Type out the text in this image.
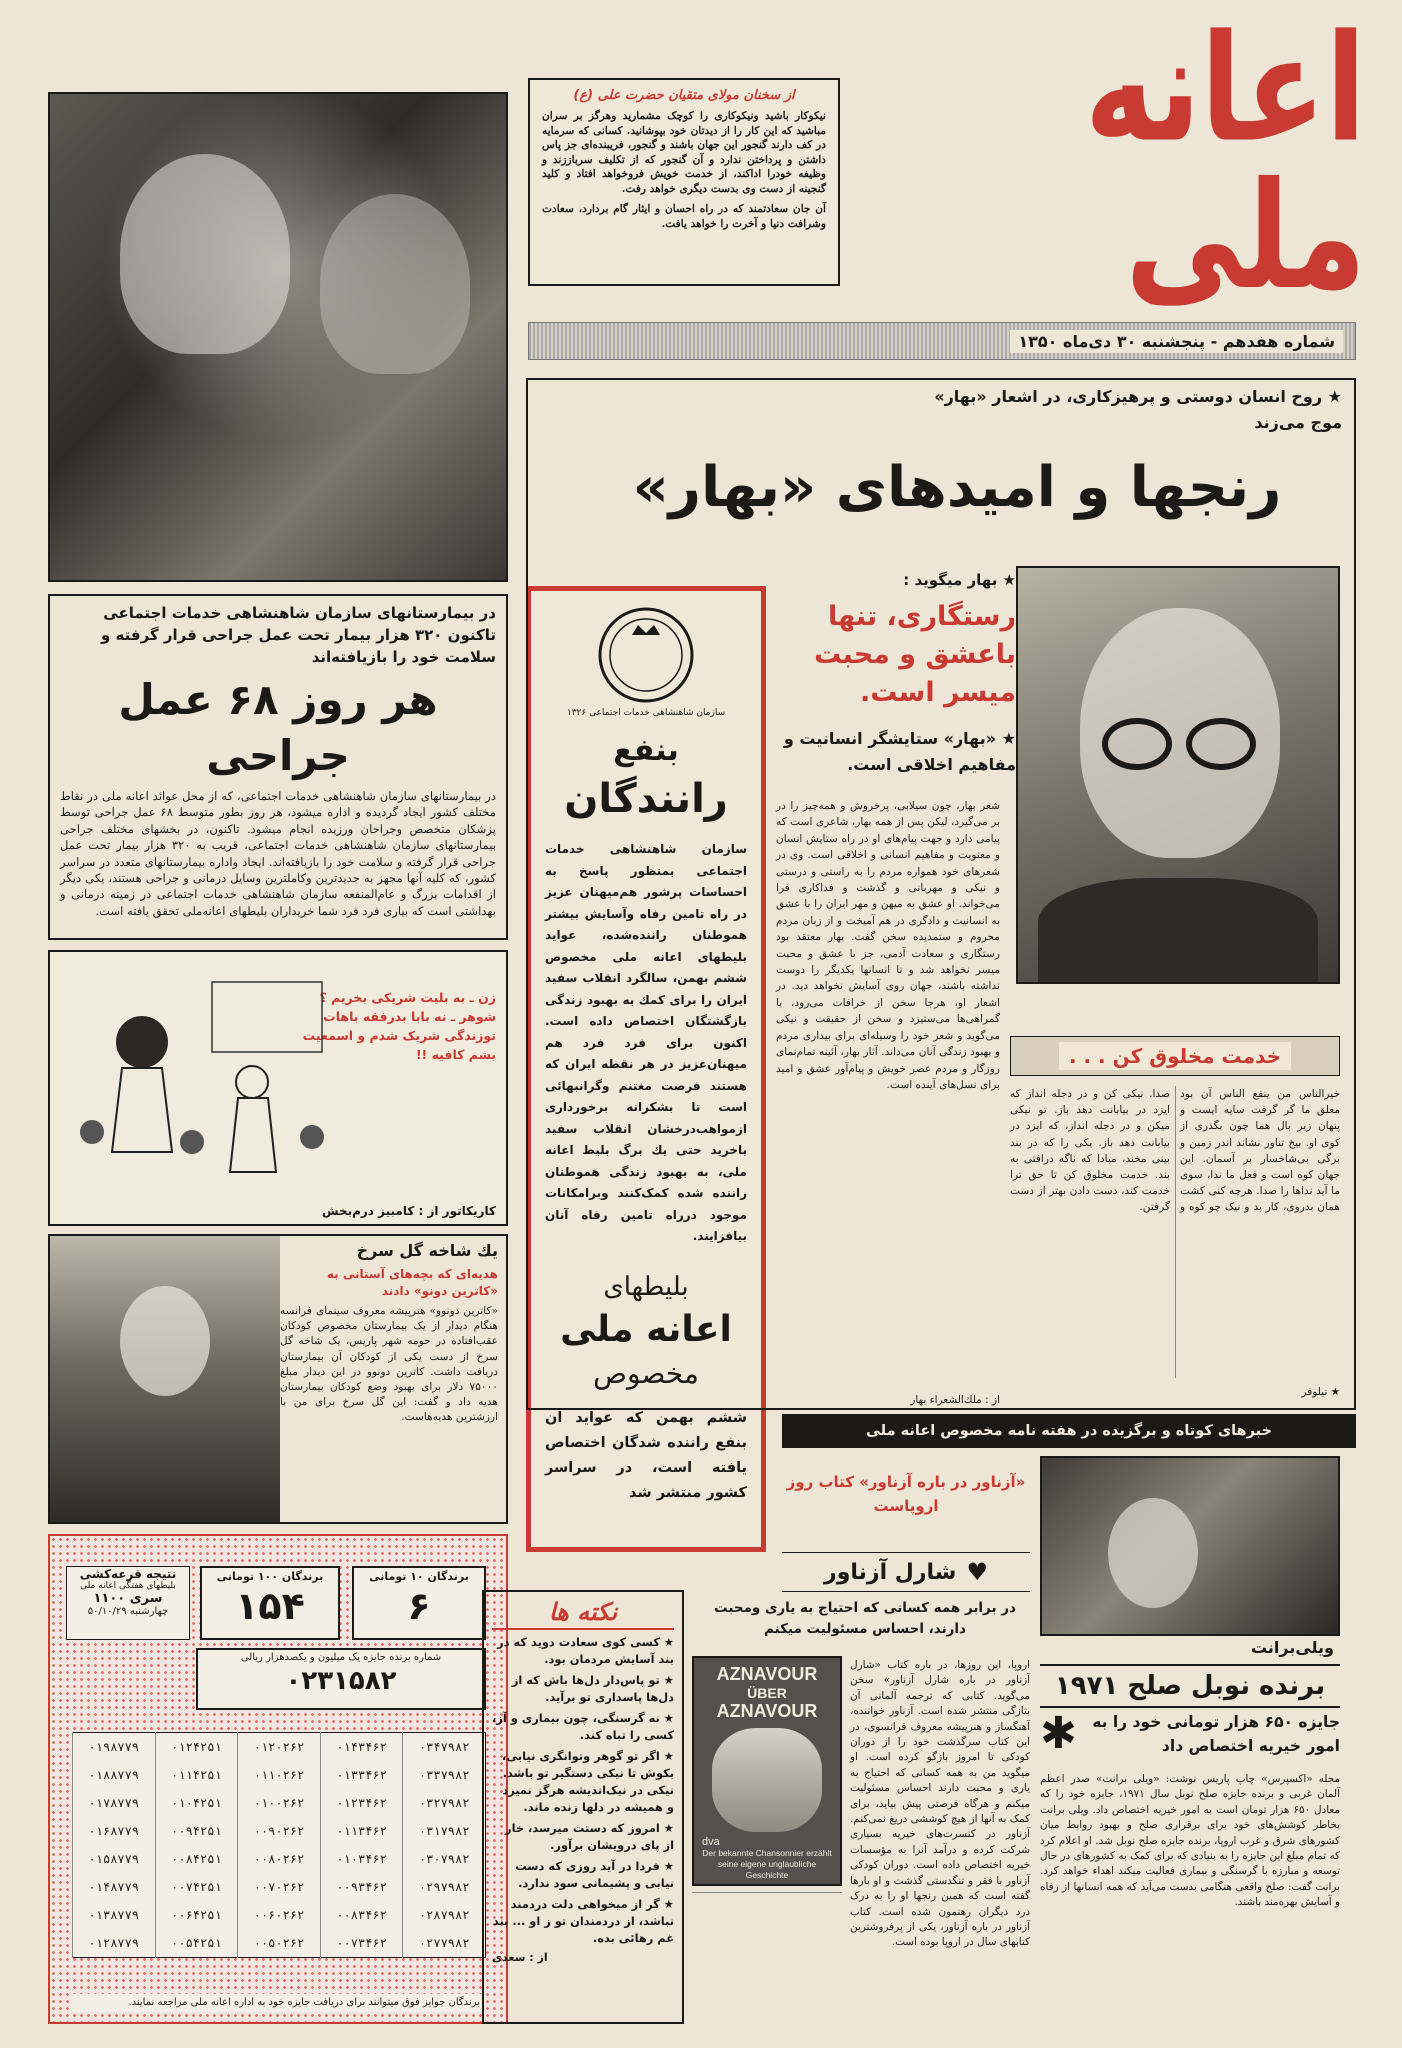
اعانه ملی
از سخنان مولای متقیان حضرت علی (ع)
نیکوکار باشید ونیکوکاری را کوچک مشمارید وهرگز بر سران مباشید که این کار را از دیدتان خود بپوشانید. کسانی که سرمایه در کف دارند گنجور این جهان باشند و گنجور، فریبنده‌ای جز پاس داشتن و پرداختن ندارد و آن گنجور که از تکلیف سرباززند و وظیفه خودرا اداکند، از خدمت خویش فروخواهد افتاد و کلید گنجینه از دست وی بدست دیگری خواهد رفت.
آن جان سعادتمند که در راه احسان و ایثار گام بردارد، سعادت وشرافت دنیا و آخرت را خواهد یافت.
شماره هفدهم - پنجشنبه ۳۰ دی‌ماه ۱۳۵۰
در بیمارستانهای سازمان شاهنشاهی خدمات اجتماعی تاکنون ۳۲۰ هزار بیمار تحت عمل جراحی قرار گرفته و سلامت خود را بازیافته‌اند
هر روز ۶۸ عمل جراحی
در بیمارستانهای سازمان شاهنشاهی خدمات اجتماعی، که از محل عوائد اعانه ملی در نقاط مختلف کشور ایجاد گردیده و اداره میشود، هر روز بطور متوسط ۶۸ عمل جراحی توسط پزشکان متخصص وجراحان ورزیده انجام میشود. تاکنون، در بخشهای مختلف جراحی بیمارستانهای سازمان شاهنشاهی خدمات اجتماعی، قریب به ۳۲۰ هزار بیمار تحت عمل جراحی قرار گرفته و سلامت خود را بازیافته‌اند. ایجاد واداره بیمارستانهای متعدد در سراسر کشور، که کلیه آنها مجهز به جدیدترین وکاملترین وسایل درمانی و جراحی هستند، یکی دیگر از اقدامات بزرگ و عام‌المنفعه سازمان شاهنشاهی خدمات اجتماعی در زمینه درمانی و بهداشتی است که بیاری فرد فرد شما خریداران بلیطهای اعانه‌ملی تحقق یافته است.
زن ـ به بلیت شریکی بخریم ؟ شوهر ـ نه بابا بدرفقه باهات توزندگی شریک شدم و اسمعیت بشم کافیه !!
کاریکاتور از : کامبیز درم‌بخش
یك شاخه گل سرخ
هدیه‌ای که بچه‌های آستانی به «کاترین دونو» دادند
«کاترین دونوو» هنرپیشه معروف سینمای فرانسه هنگام دیدار از یک بیمارستان مخصوص کودکان عقب‌افتاده در حومه شهر پاریس، یک شاخه گل سرخ از دست یکی از کودکان آن بیمارستان دریافت داشت. کاترین دونوو در این دیدار مبلغ ۷۵۰۰۰ دلار برای بهبود وضع کودکان بیمارستان هدیه داد و گفت: این گل سرخ برای من با ارزشترین هدیه‌هاست.
برندگان ۱۰۰ تومانی
۱۵۴
برندگان ۱۰ تومانی
۶
نتیجه قرعه‌کشی
بلیطهای هفتگی اعانه ملی
سری ۱۱۰۰
چهارشنبه ۵۰/۱۰/۲۹
شماره برنده جایزه یک میلیون و یکصدهزار ریالی
۰۲۳۱۵۸۲
۰۳۴۷۹۸۲	۰۱۴۳۴۶۲	۰۱۲۰۲۶۲	۰۱۲۴۲۵۱	۰۱۹۸۷۷۹
۰۳۳۷۹۸۲	۰۱۳۳۴۶۲	۰۱۱۰۲۶۲	۰۱۱۴۲۵۱	۰۱۸۸۷۷۹
۰۳۲۷۹۸۲	۰۱۲۳۴۶۲	۰۱۰۰۲۶۲	۰۱۰۴۲۵۱	۰۱۷۸۷۷۹
۰۳۱۷۹۸۲	۰۱۱۳۴۶۲	۰۰۹۰۲۶۲	۰۰۹۴۲۵۱	۰۱۶۸۷۷۹
۰۳۰۷۹۸۲	۰۱۰۳۴۶۲	۰۰۸۰۲۶۲	۰۰۸۴۲۵۱	۰۱۵۸۷۷۹
۰۲۹۷۹۸۲	۰۰۹۳۴۶۲	۰۰۷۰۲۶۲	۰۰۷۴۲۵۱	۰۱۴۸۷۷۹
۰۲۸۷۹۸۲	۰۰۸۳۴۶۲	۰۰۶۰۲۶۲	۰۰۶۴۲۵۱	۰۱۳۸۷۷۹
۰۲۷۷۹۸۲	۰۰۷۳۴۶۲	۰۰۵۰۲۶۲	۰۰۵۴۲۵۱	۰۱۲۸۷۷۹
برندگان جوایز فوق میتوانند برای دریافت جایزه خود به اداره اعانه ملی مراجعه نمایند.
سازمان شاهنشاهی خدمات اجتماعی ۱۳۲۶
بنفع
رانندگان
سازمان شاهنشاهی خدمات اجتماعی بمنظور پاسخ به احساسات پرشور هم‌میهنان عزیز در راه تامین رفاه وآسایش بیشتر هموطنان راننده‌شده، عواید بلیطهای اعانه ملی مخصوص ششم بهمن، سالگرد انقلاب سفید ایران را برای کمك به بهبود زندگی بازگشتگان اختصاص داده است. اکنون برای فرد فرد هم میهنان‌عزیز در هر نقطه ایران که هستند فرصت مغتنم وگرانبهائی است تا بشکرانه برخورداری ازمواهب‌درخشان انقلاب سفید باخرید حتی یك برگ بلیط اعانه ملی، به بهبود زندگی هموطنان راننده شده کمک‌کنند وبرامکانات موجود درراه تامین رفاه آنان بیافزایند.
بلیطهای
اعانه ملی
مخصوص
ششم بهمن که عواید آن بنفع راننده شدگان اختصاص یافته است، در سراسر کشور منتشر شد
★ روح انسان دوستی و پرهیزکاری، در اشعار «بهار» موج می‌زند
رنجها و امیدهای «بهار»
★ بهار میگوید :
رستگاری، تنها باعشق و محبت میسر است.
★ «بهار» ستایشگر انسانیت و مفاهیم اخلاقی است.
شعر بهار، چون سیلابی، پرخروش و همه‌چیز را در بر می‌گیرد، لیکن پس از همه بهار، شاعری است که پیامی دارد و جهت پیام‌های او در راه ستایش انسان و معنویت و مفاهیم انسانی و اخلاقی است. وی در شعرهای خود همواره مردم را به راستی و درستی و نیکی و مهربانی و گذشت و فداکاری فرا می‌خواند. او عشق به میهن و مهر ایران را با عشق به انسانیت و دادگری در هم آمیخت و از زبان مردم محروم و ستمدیده سخن گفت. بهار معتقد بود رستگاری و سعادت آدمی، جز با عشق و محبت میسر نخواهد شد و تا انسانها یکدیگر را دوست نداشته باشند، جهان روی آسایش نخواهد دید. در اشعار او، هرجا سخن از خرافات می‌رود، با گمراهی‌ها می‌ستیزد و سخن از حقیقت و نیکی می‌گوید و شعر خود را وسیله‌ای برای بیداری مردم و بهبود زندگی آنان می‌داند. آثار بهار، آئینه تمام‌نمای روزگار و مردم عصر خویش و پیام‌آور عشق و امید برای نسل‌های آینده است.
از : ملك‌الشعراء بهار
خدمت مخلوق کن . . .
خیرالناس من ینفع الناس آن بود معلق ما گر گرفت سایه ایست و پنهان زیر بال هما چون بگذری از کوی او. بیخ تناور نشاند اندر زمین و برگی بی‌شاخسار بر آسمان. این جهان کوه است و فعل ما ندا، سوی ما آید نداها را صدا. هرچه کنی کشت همان بدروی، کار بد و نیک چو کوه و صدا. نیکی کن و در دجله انداز که ایزد در بیابانت دهد باز. تو نیکی میکن و در دجله انداز، که ایزد در بیابانت دهد باز. یکی را که در بند بینی مخند، مبادا که ناگه درافتی به بند. خدمت مخلوق کن تا حق ترا خدمت کند، دست دادن بهتر از دست گرفتن.
★ نیلوفر
خبرهای کوتاه و برگزیده در هفته نامه مخصوص اعانه ملی
ویلی‌برانت
«آزناور در باره آزناور» کتاب روز اروپاست
♥
شارل آزناور
در برابر همه کسانی که احتیاج به یاری ومحبت دارند، احساس مسئولیت میکنم
AZNAVOUR
ÜBER
AZNAVOUR
dva
Der bekannte Chansonnier erzählt seine eigene unglaubliche Geschichte
اروپا، این روزها، در باره کتاب «شارل آزناور در باره شارل آزناور» سخن می‌گوید. کتابی که ترجمه آلمانی آن بتازگی منتشر شده است. آزناور خواننده، آهنگساز و هنرپیشه معروف فرانسوی، در این کتاب سرگذشت خود را از دوران کودکی تا امروز بازگو کرده است. او میگوید من به همه کسانی که احتیاج به یاری و محبت دارند احساس مسئولیت میکنم و هرگاه فرصتی پیش بیاید، برای کمک به آنها از هیچ کوششی دریغ نمی‌کنم. آزناور در کنسرت‌های خیریه بسیاری شرکت کرده و درآمد آنرا به مؤسسات خیریه اختصاص داده است. دوران کودکی آزناور با فقر و تنگدستی گذشت و او بارها گفته است که همین رنجها او را به درک درد دیگران رهنمون شده است. کتاب آزناور در باره آزناور، یکی از پرفروشترین کتابهای سال در اروپا بوده است.
برنده نوبل صلح ۱۹۷۱
جایزه ۶۵۰ هزار تومانی خود را به امور خیریه اختصاص داد
✱
مجله «اکسپرس» چاپ پاریس نوشت: «ویلی برانت» صدر اعظم آلمان غربی و برنده جایزه صلح نوبل سال ۱۹۷۱، جایزه خود را که معادل ۶۵۰ هزار تومان است به امور خیریه اختصاص داد. ویلی برانت بخاطر کوشش‌های خود برای برقراری صلح و بهبود روابط میان کشورهای شرق و غرب اروپا، برنده جایزه صلح نوبل شد. او اعلام کرد که تمام مبلغ این جایزه را به بنیادی که برای کمک به کشورهای در حال توسعه و مبارزه با گرسنگی و بیماری فعالیت میکند اهداء خواهد کرد. برانت گفت: صلح واقعی هنگامی بدست می‌آید که همه انسانها از رفاه و آسایش بهره‌مند باشند.
نکته ها
★ کسی کوی سعادت دوید که در بند آسایش مردمان بود.
★ تو پاس‌دار دل‌ها باش که از دل‌ها پاسداری تو برآید.
★ نه گرسنگی، چون بیماری و آز، کسی را تباه کند.
★ اگر تو گوهر وتوانگری نیابی، بکوش تا نیکی دستگیر تو باشد. نیکی در نیک‌اندیشه هرگز نمیرد و همیشه در دلها زنده ماند.
★ امروز که دستت میرسد، خار از پای درویشان برآور.
★ فردا در آید روزی که دست نیابی و پشیمانی سود ندارد.
★ گر از میخواهی دلت دردمند نباشد، از دردمندان تو ز او ... بند غم رهائی بده.
از : سعدی
